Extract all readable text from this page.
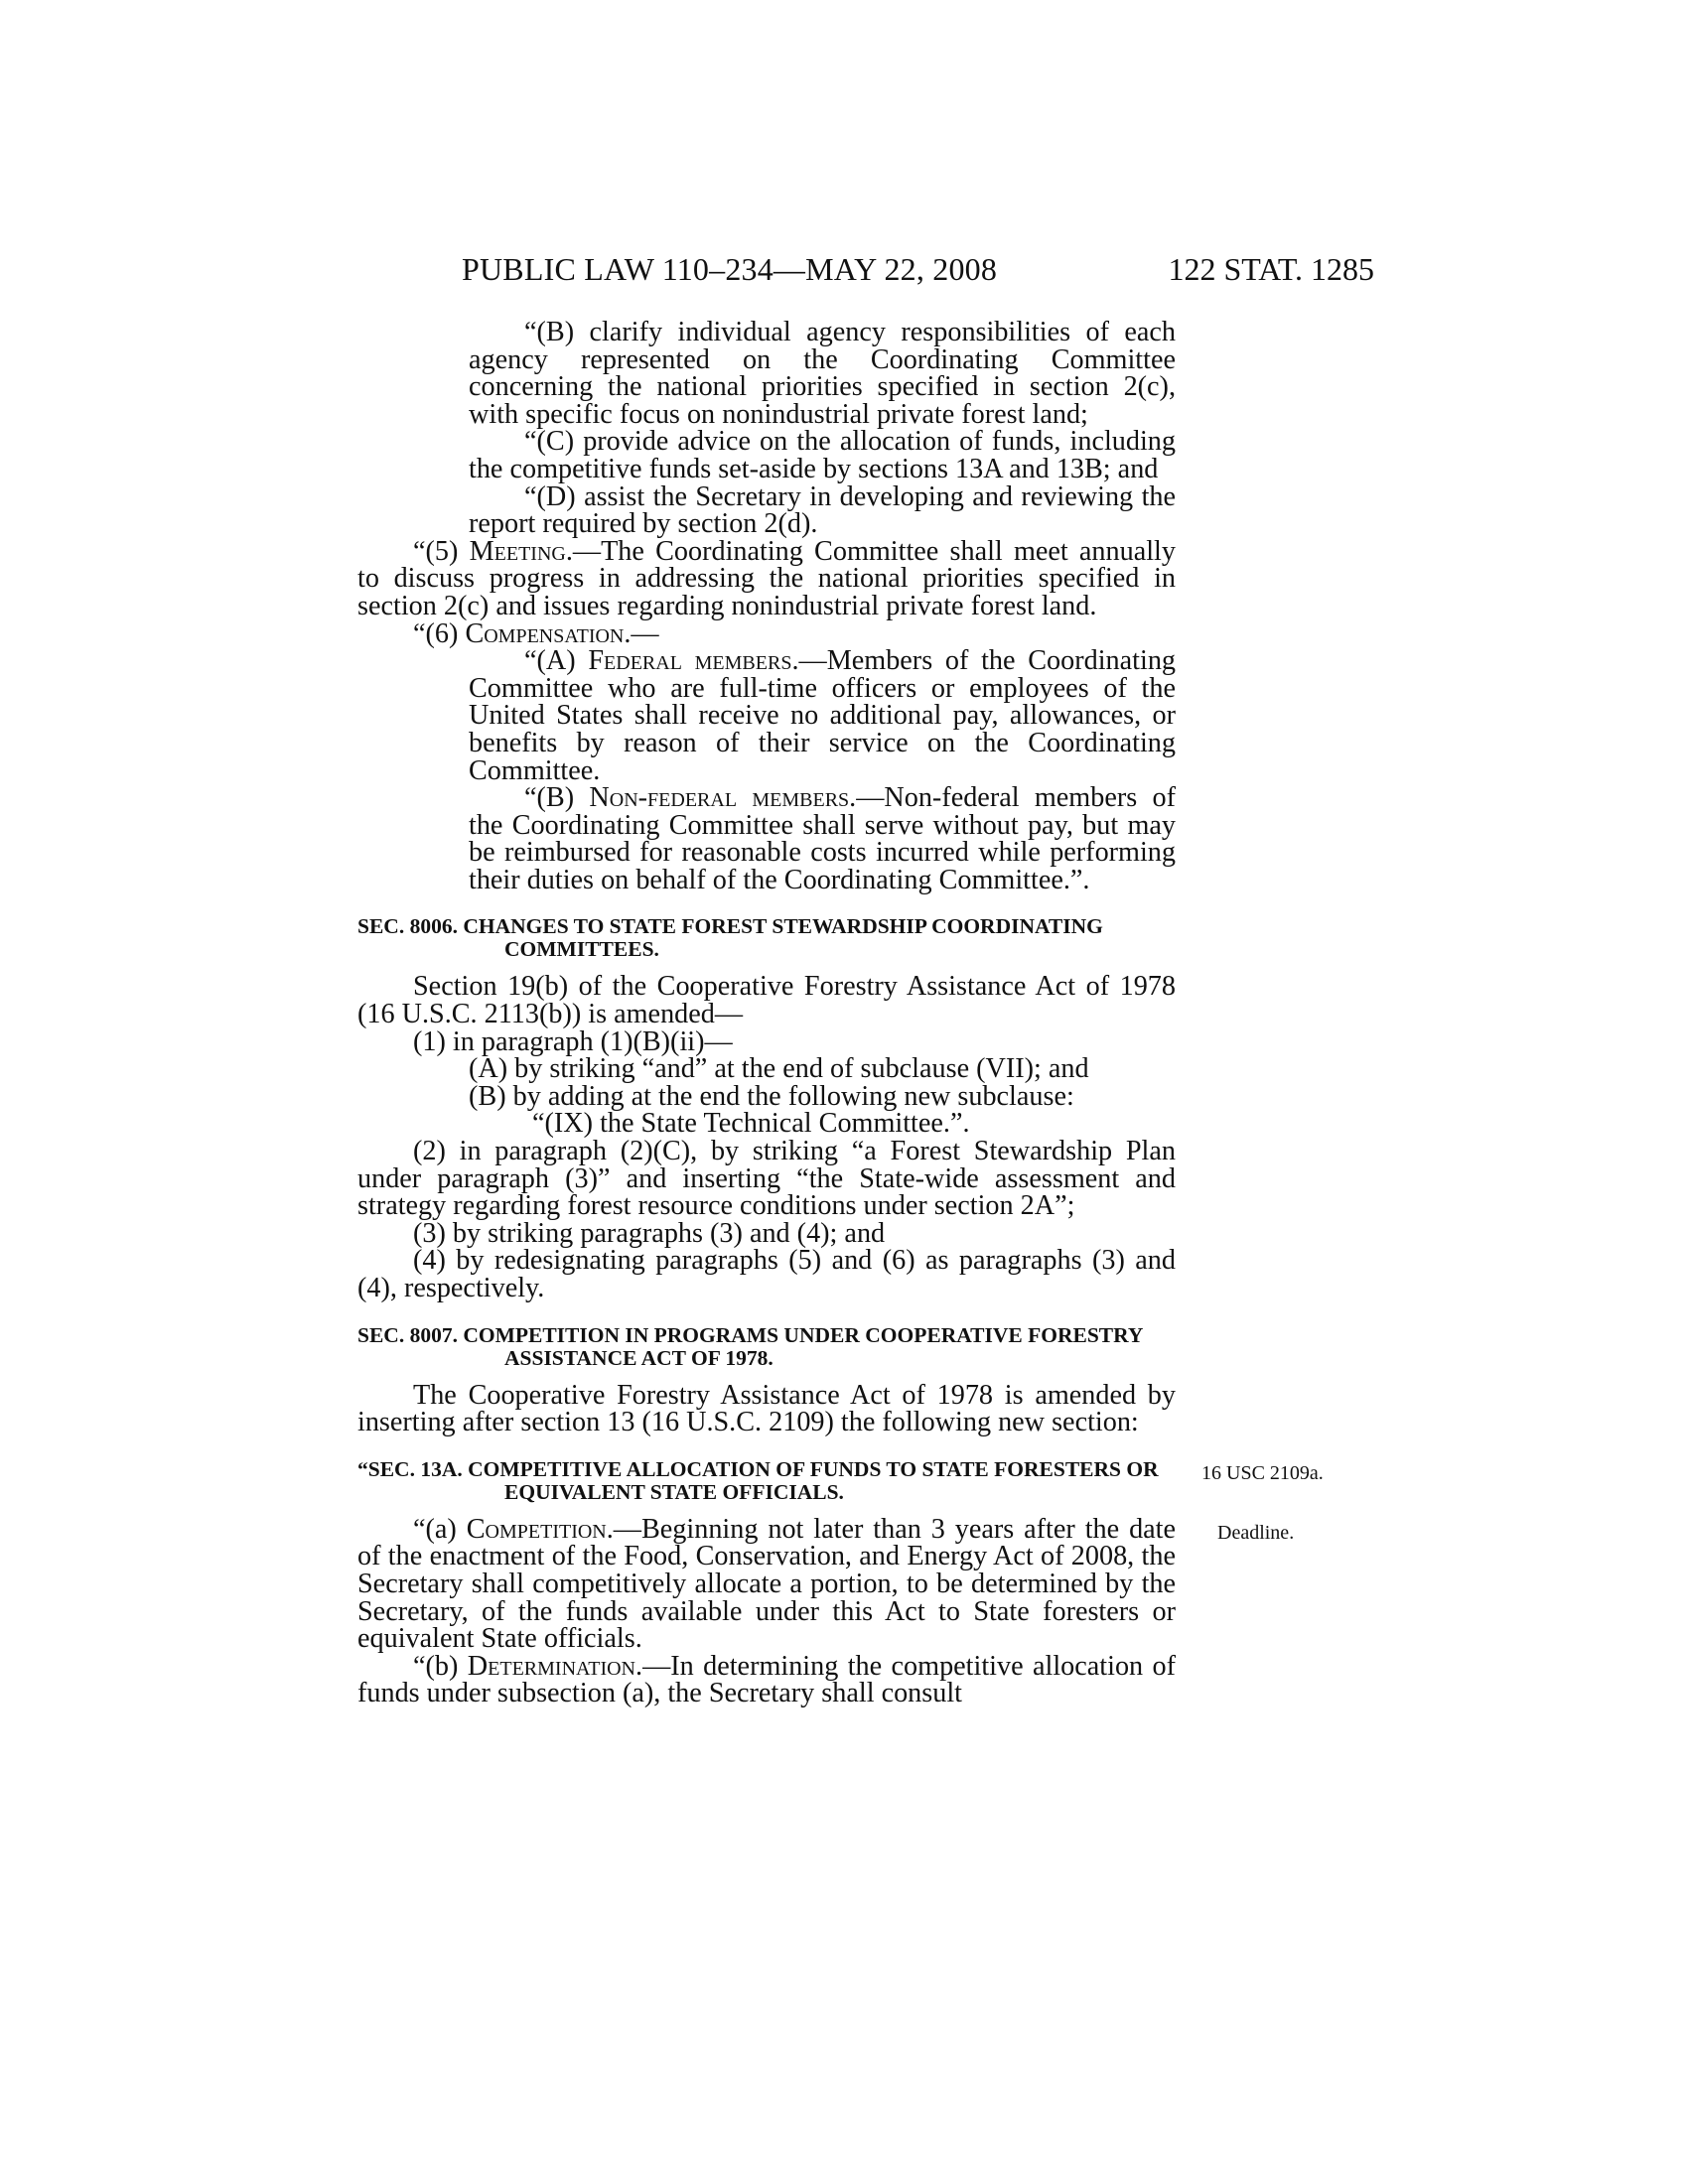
PUBLIC LAW 110–234—MAY 22, 2008	122 STAT. 1285

“(B) clarify individual agency responsibilities of each agency represented on the Coordinating Committee concerning the national priorities specified in section 2(c), with specific focus on nonindustrial private forest land;

“(C) provide advice on the allocation of funds, including the competitive funds set-aside by sections 13A and 13B; and

“(D) assist the Secretary in developing and reviewing the report required by section 2(d).

“(5) Meeting.—The Coordinating Committee shall meet annually to discuss progress in addressing the national priorities specified in section 2(c) and issues regarding nonindustrial private forest land.

“(6) Compensation.—

“(A) Federal members.—Members of the Coordinating Committee who are full-time officers or employees of the United States shall receive no additional pay, allowances, or benefits by reason of their service on the Coordinating Committee.

“(B) Non-federal members.—Non-federal members of the Coordinating Committee shall serve without pay, but may be reimbursed for reasonable costs incurred while performing their duties on behalf of the Coordinating Committee.”.

SEC. 8006. CHANGES TO STATE FOREST STEWARDSHIP COORDINATING COMMITTEES.

Section 19(b) of the Cooperative Forestry Assistance Act of 1978 (16 U.S.C. 2113(b)) is amended—

(1) in paragraph (1)(B)(ii)—

(A) by striking “and” at the end of subclause (VII); and

(B) by adding at the end the following new subclause:

“(IX) the State Technical Committee.”.

(2) in paragraph (2)(C), by striking “a Forest Stewardship Plan under paragraph (3)” and inserting “the State-wide assessment and strategy regarding forest resource conditions under section 2A”;

(3) by striking paragraphs (3) and (4); and

(4) by redesignating paragraphs (5) and (6) as paragraphs (3) and (4), respectively.

SEC. 8007. COMPETITION IN PROGRAMS UNDER COOPERATIVE FORESTRY ASSISTANCE ACT OF 1978.

The Cooperative Forestry Assistance Act of 1978 is amended by inserting after section 13 (16 U.S.C. 2109) the following new section:

“SEC. 13A. COMPETITIVE ALLOCATION OF FUNDS TO STATE FORESTERS OR EQUIVALENT STATE OFFICIALS.

16 USC 2109a.

“(a) Competition.—Beginning not later than 3 years after the date of the enactment of the Food, Conservation, and Energy Act of 2008, the Secretary shall competitively allocate a portion, to be determined by the Secretary, of the funds available under this Act to State foresters or equivalent State officials.

Deadline.

“(b) Determination.—In determining the competitive allocation of funds under subsection (a), the Secretary shall consult
